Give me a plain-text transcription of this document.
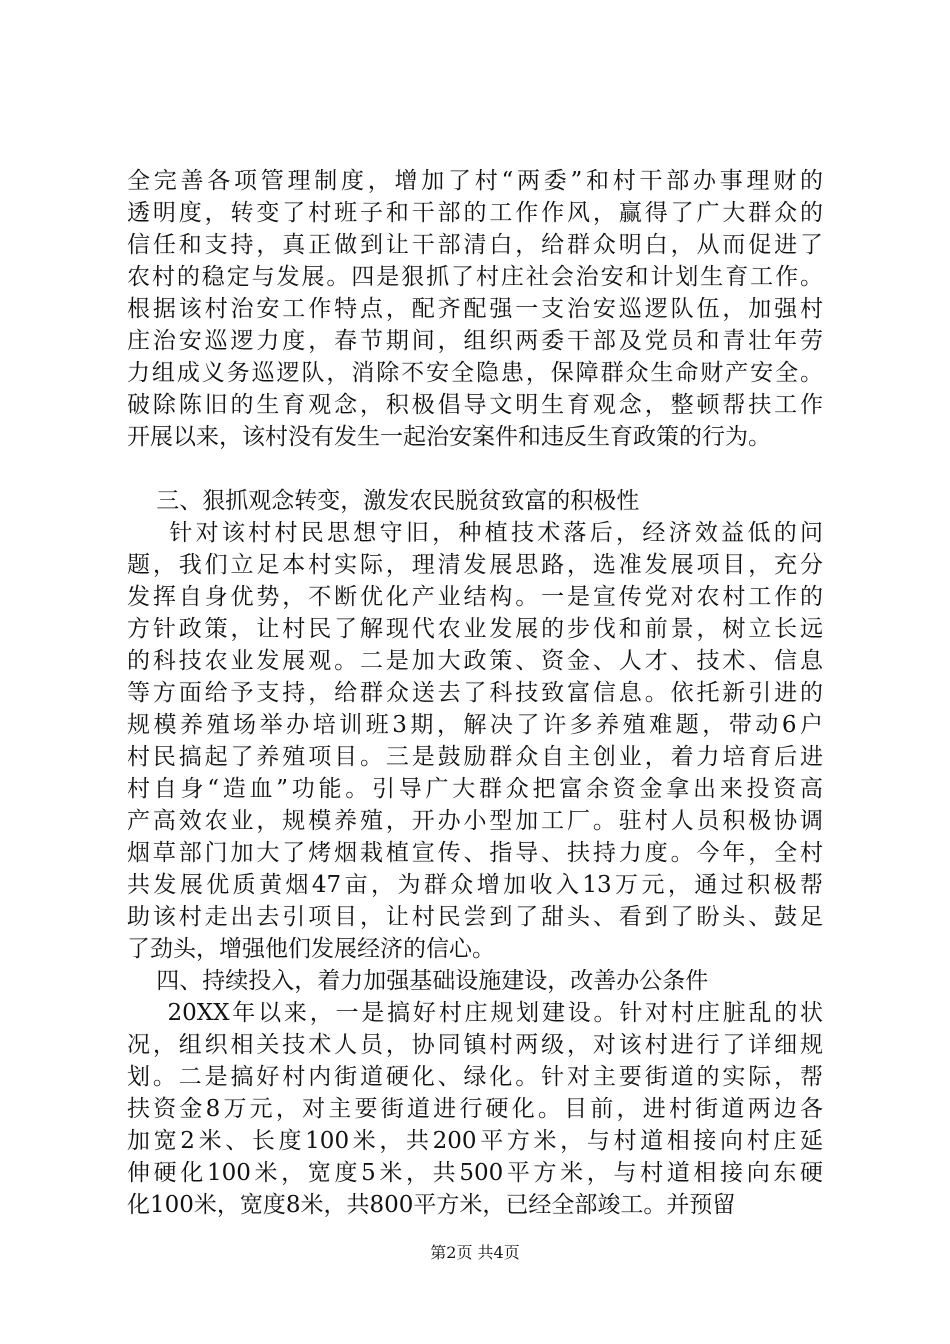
全完善各项管理制度，增加了村“两委”和村干部办事理财的
透明度，转变了村班子和干部的工作作风，赢得了广大群众的
信任和支持，真正做到让干部清白，给群众明白，从而促进了
农村的稳定与发展。四是狠抓了村庄社会治安和计划生育工作。
根据该村治安工作特点，配齐配强一支治安巡逻队伍，加强村
庄治安巡逻力度，春节期间，组织两委干部及党员和青壮年劳
力组成义务巡逻队，消除不安全隐患，保障群众生命财产安全。
破除陈旧的生育观念，积极倡导文明生育观念，整顿帮扶工作
开展以来，该村没有发生一起治安案件和违反生育政策的行为。
三、狠抓观念转变，激发农民脱贫致富的积极性
针对该村村民思想守旧，种植技术落后，经济效益低的问
题，我们立足本村实际，理清发展思路，选准发展项目，充分
发挥自身优势，不断优化产业结构。一是宣传党对农村工作的
方针政策，让村民了解现代农业发展的步伐和前景，树立长远
的科技农业发展观。二是加大政策、资金、人才、技术、信息
等方面给予支持，给群众送去了科技致富信息。依托新引进的
规模养殖场举办培训班3期，解决了许多养殖难题，带动6户
村民搞起了养殖项目。三是鼓励群众自主创业，着力培育后进
村自身“造血”功能。引导广大群众把富余资金拿出来投资高
产高效农业，规模养殖，开办小型加工厂。驻村人员积极协调
烟草部门加大了烤烟栽植宣传、指导、扶持力度。今年，全村
共发展优质黄烟47亩，为群众增加收入13万元，通过积极帮
助该村走出去引项目，让村民尝到了甜头、看到了盼头、鼓足
了劲头，增强他们发展经济的信心。
四、持续投入，着力加强基础设施建设，改善办公条件
20XX年以来，一是搞好村庄规划建设。针对村庄脏乱的状
况，组织相关技术人员，协同镇村两级，对该村进行了详细规
划。二是搞好村内街道硬化、绿化。针对主要街道的实际，帮
扶资金8万元，对主要街道进行硬化。目前，进村街道两边各
加宽2米、长度100米，共200平方米，与村道相接向村庄延
伸硬化100米，宽度5米，共500平方米，与村道相接向东硬
化100米，宽度8米，共800平方米，已经全部竣工。并预留
第2页 共4页
